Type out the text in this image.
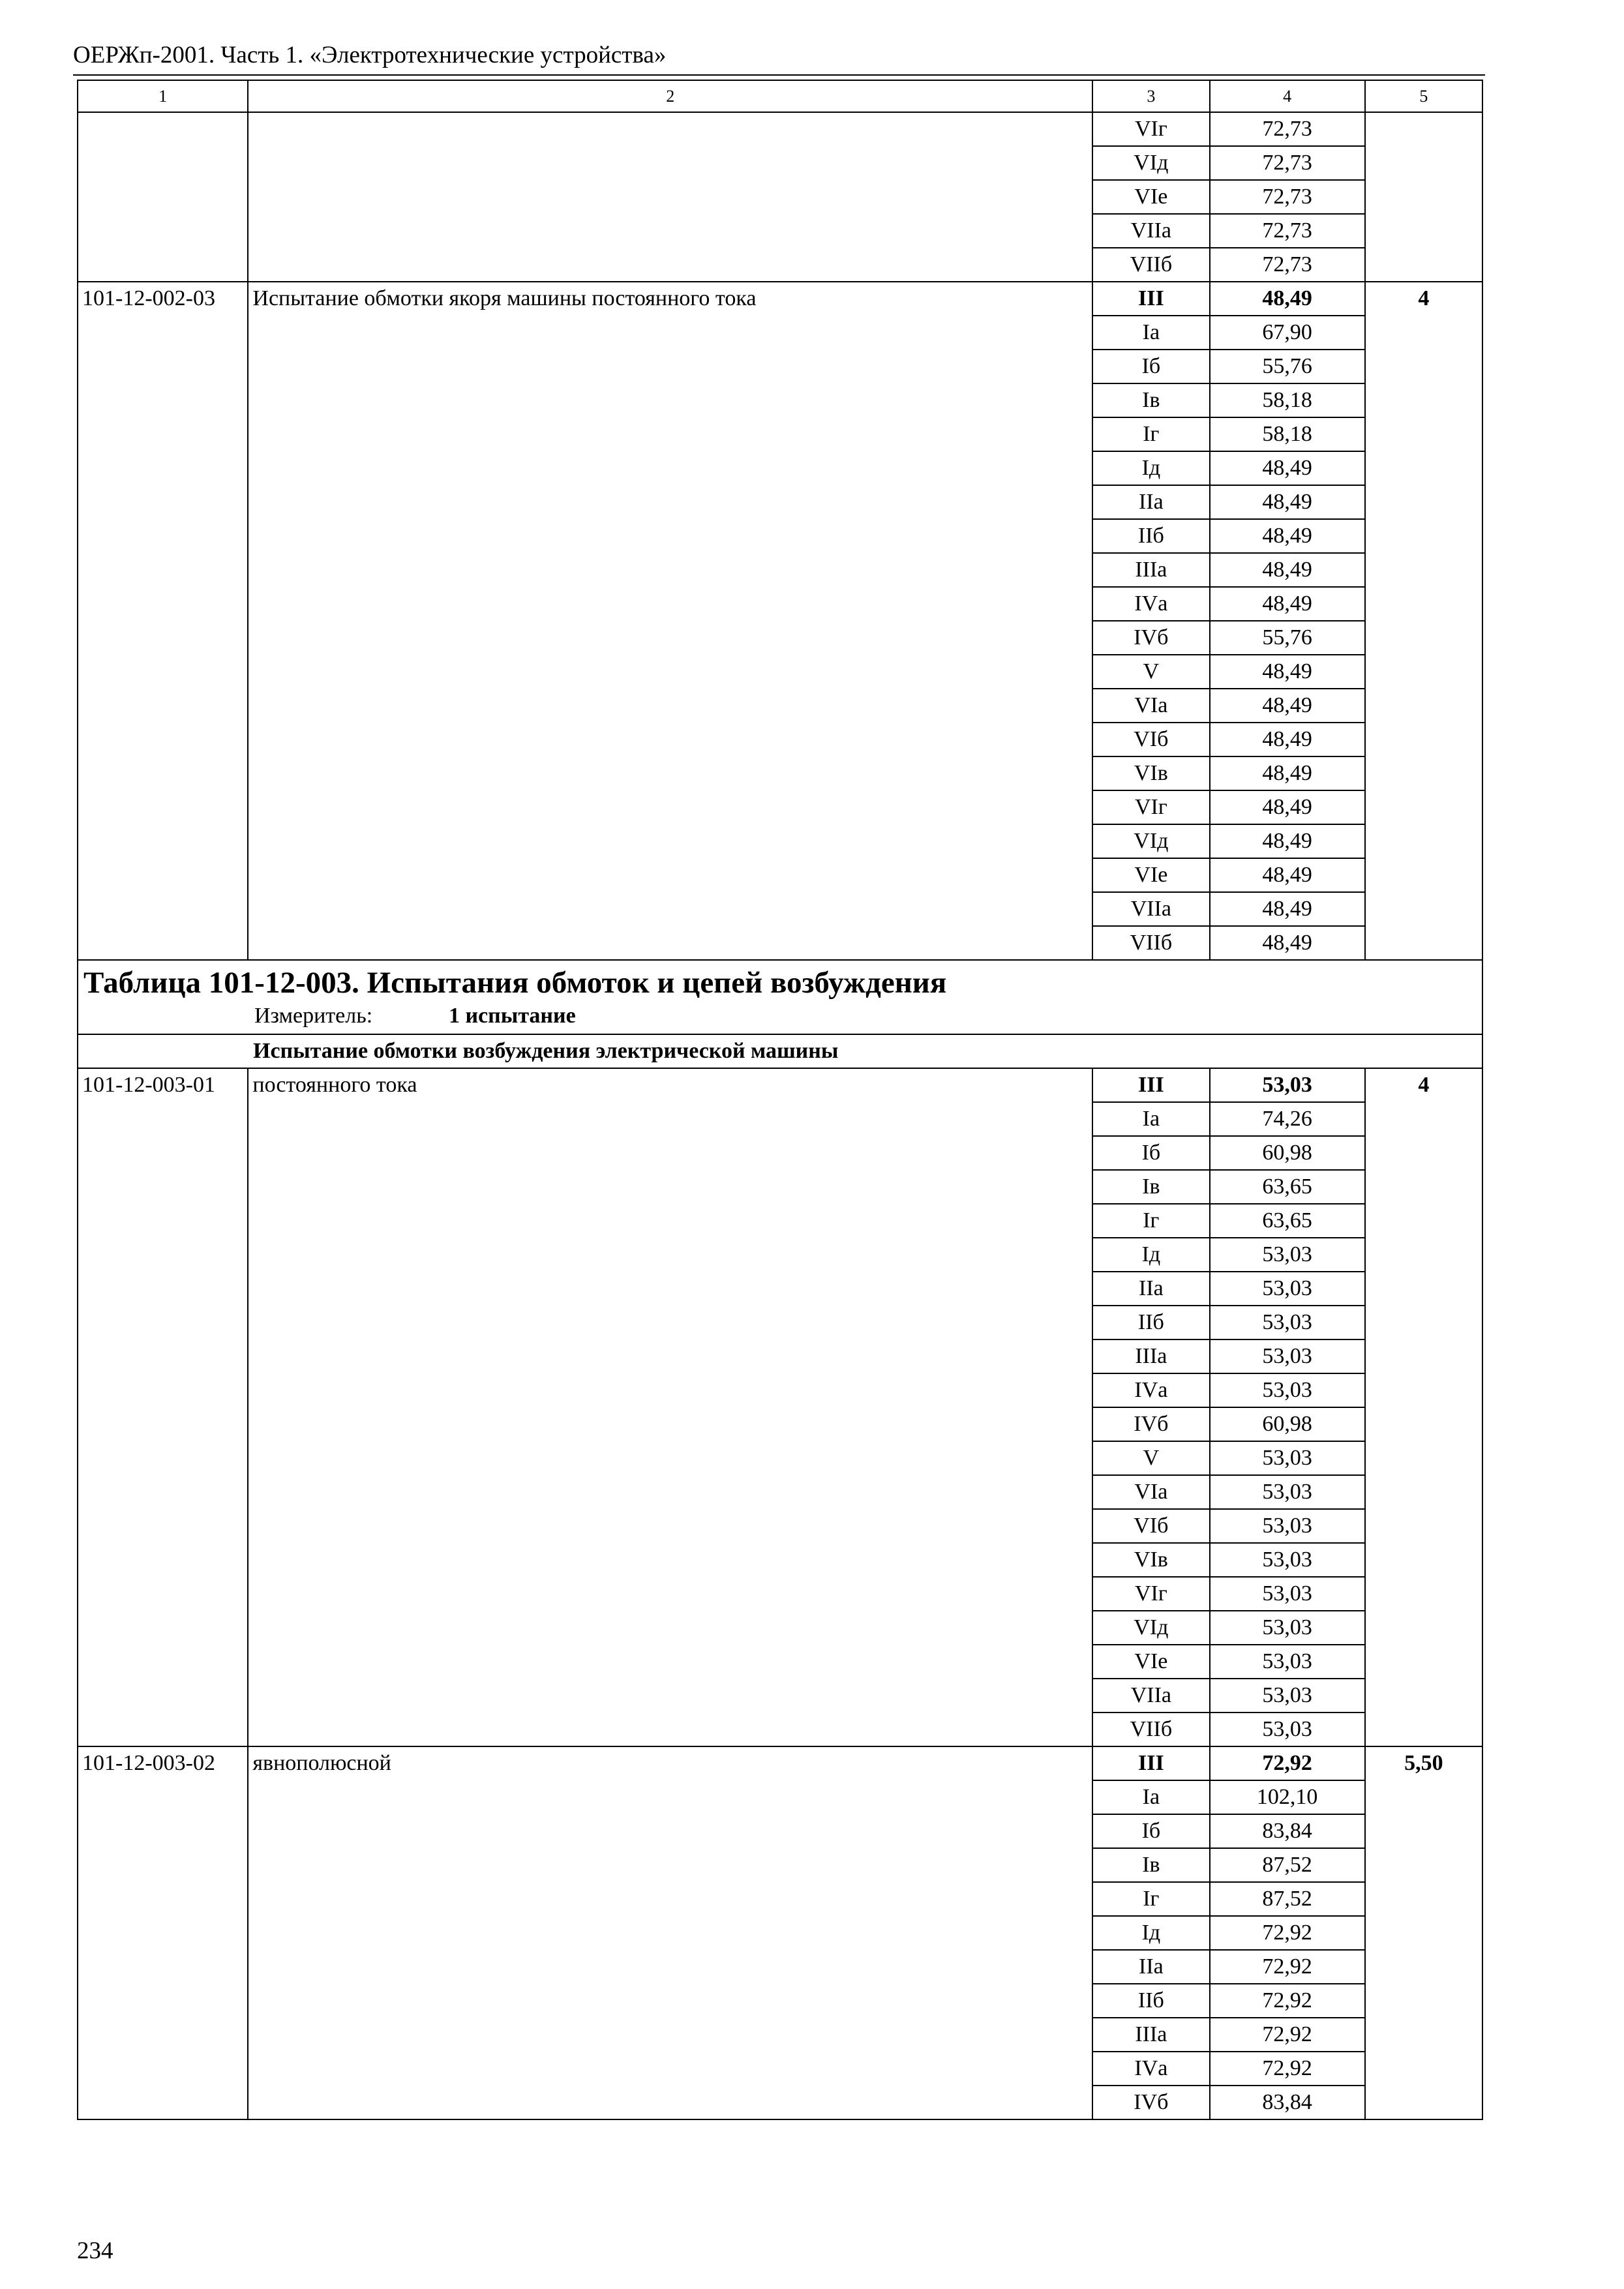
ОЕРЖп-2001. Часть 1. «Электротехнические устройства»
1	2	3	4	5
		VIг	72,73	
		VIд	72,73	
		VIе	72,73	
		VIIа	72,73	
		VIIб	72,73	
101-12-002-03	Испытание обмотки якоря машины постоянного тока	III	48,49	4
		Iа	67,90	
		Iб	55,76	
		Iв	58,18	
		Iг	58,18	
		Iд	48,49	
		IIа	48,49	
		IIб	48,49	
		IIIа	48,49	
		IVа	48,49	
		IVб	55,76	
		V	48,49	
		VIа	48,49	
		VIб	48,49	
		VIв	48,49	
		VIг	48,49	
		VIд	48,49	
		VIе	48,49	
		VIIа	48,49	
		VIIб	48,49	

Таблица 101-12-003. Испытания обмоток и цепей возбуждения
Измеритель: 1 испытание				

Испытание обмотки возбуждения электрической машины				
101-12-003-01	постоянного тока	III	53,03	4
		Iа	74,26	
		Iб	60,98	
		Iв	63,65	
		Iг	63,65	
		Iд	53,03	
		IIа	53,03	
		IIб	53,03	
		IIIа	53,03	
		IVа	53,03	
		IVб	60,98	
		V	53,03	
		VIа	53,03	
		VIб	53,03	
		VIв	53,03	
		VIг	53,03	
		VIд	53,03	
		VIе	53,03	
		VIIа	53,03	
		VIIб	53,03	
101-12-003-02	явнополюсной	III	72,92	5,50
		Iа	102,10	
		Iб	83,84	
		Iв	87,52	
		Iг	87,52	
		Iд	72,92	
		IIа	72,92	
		IIб	72,92	
		IIIа	72,92	
		IVа	72,92	
		IVб	83,84	
234
